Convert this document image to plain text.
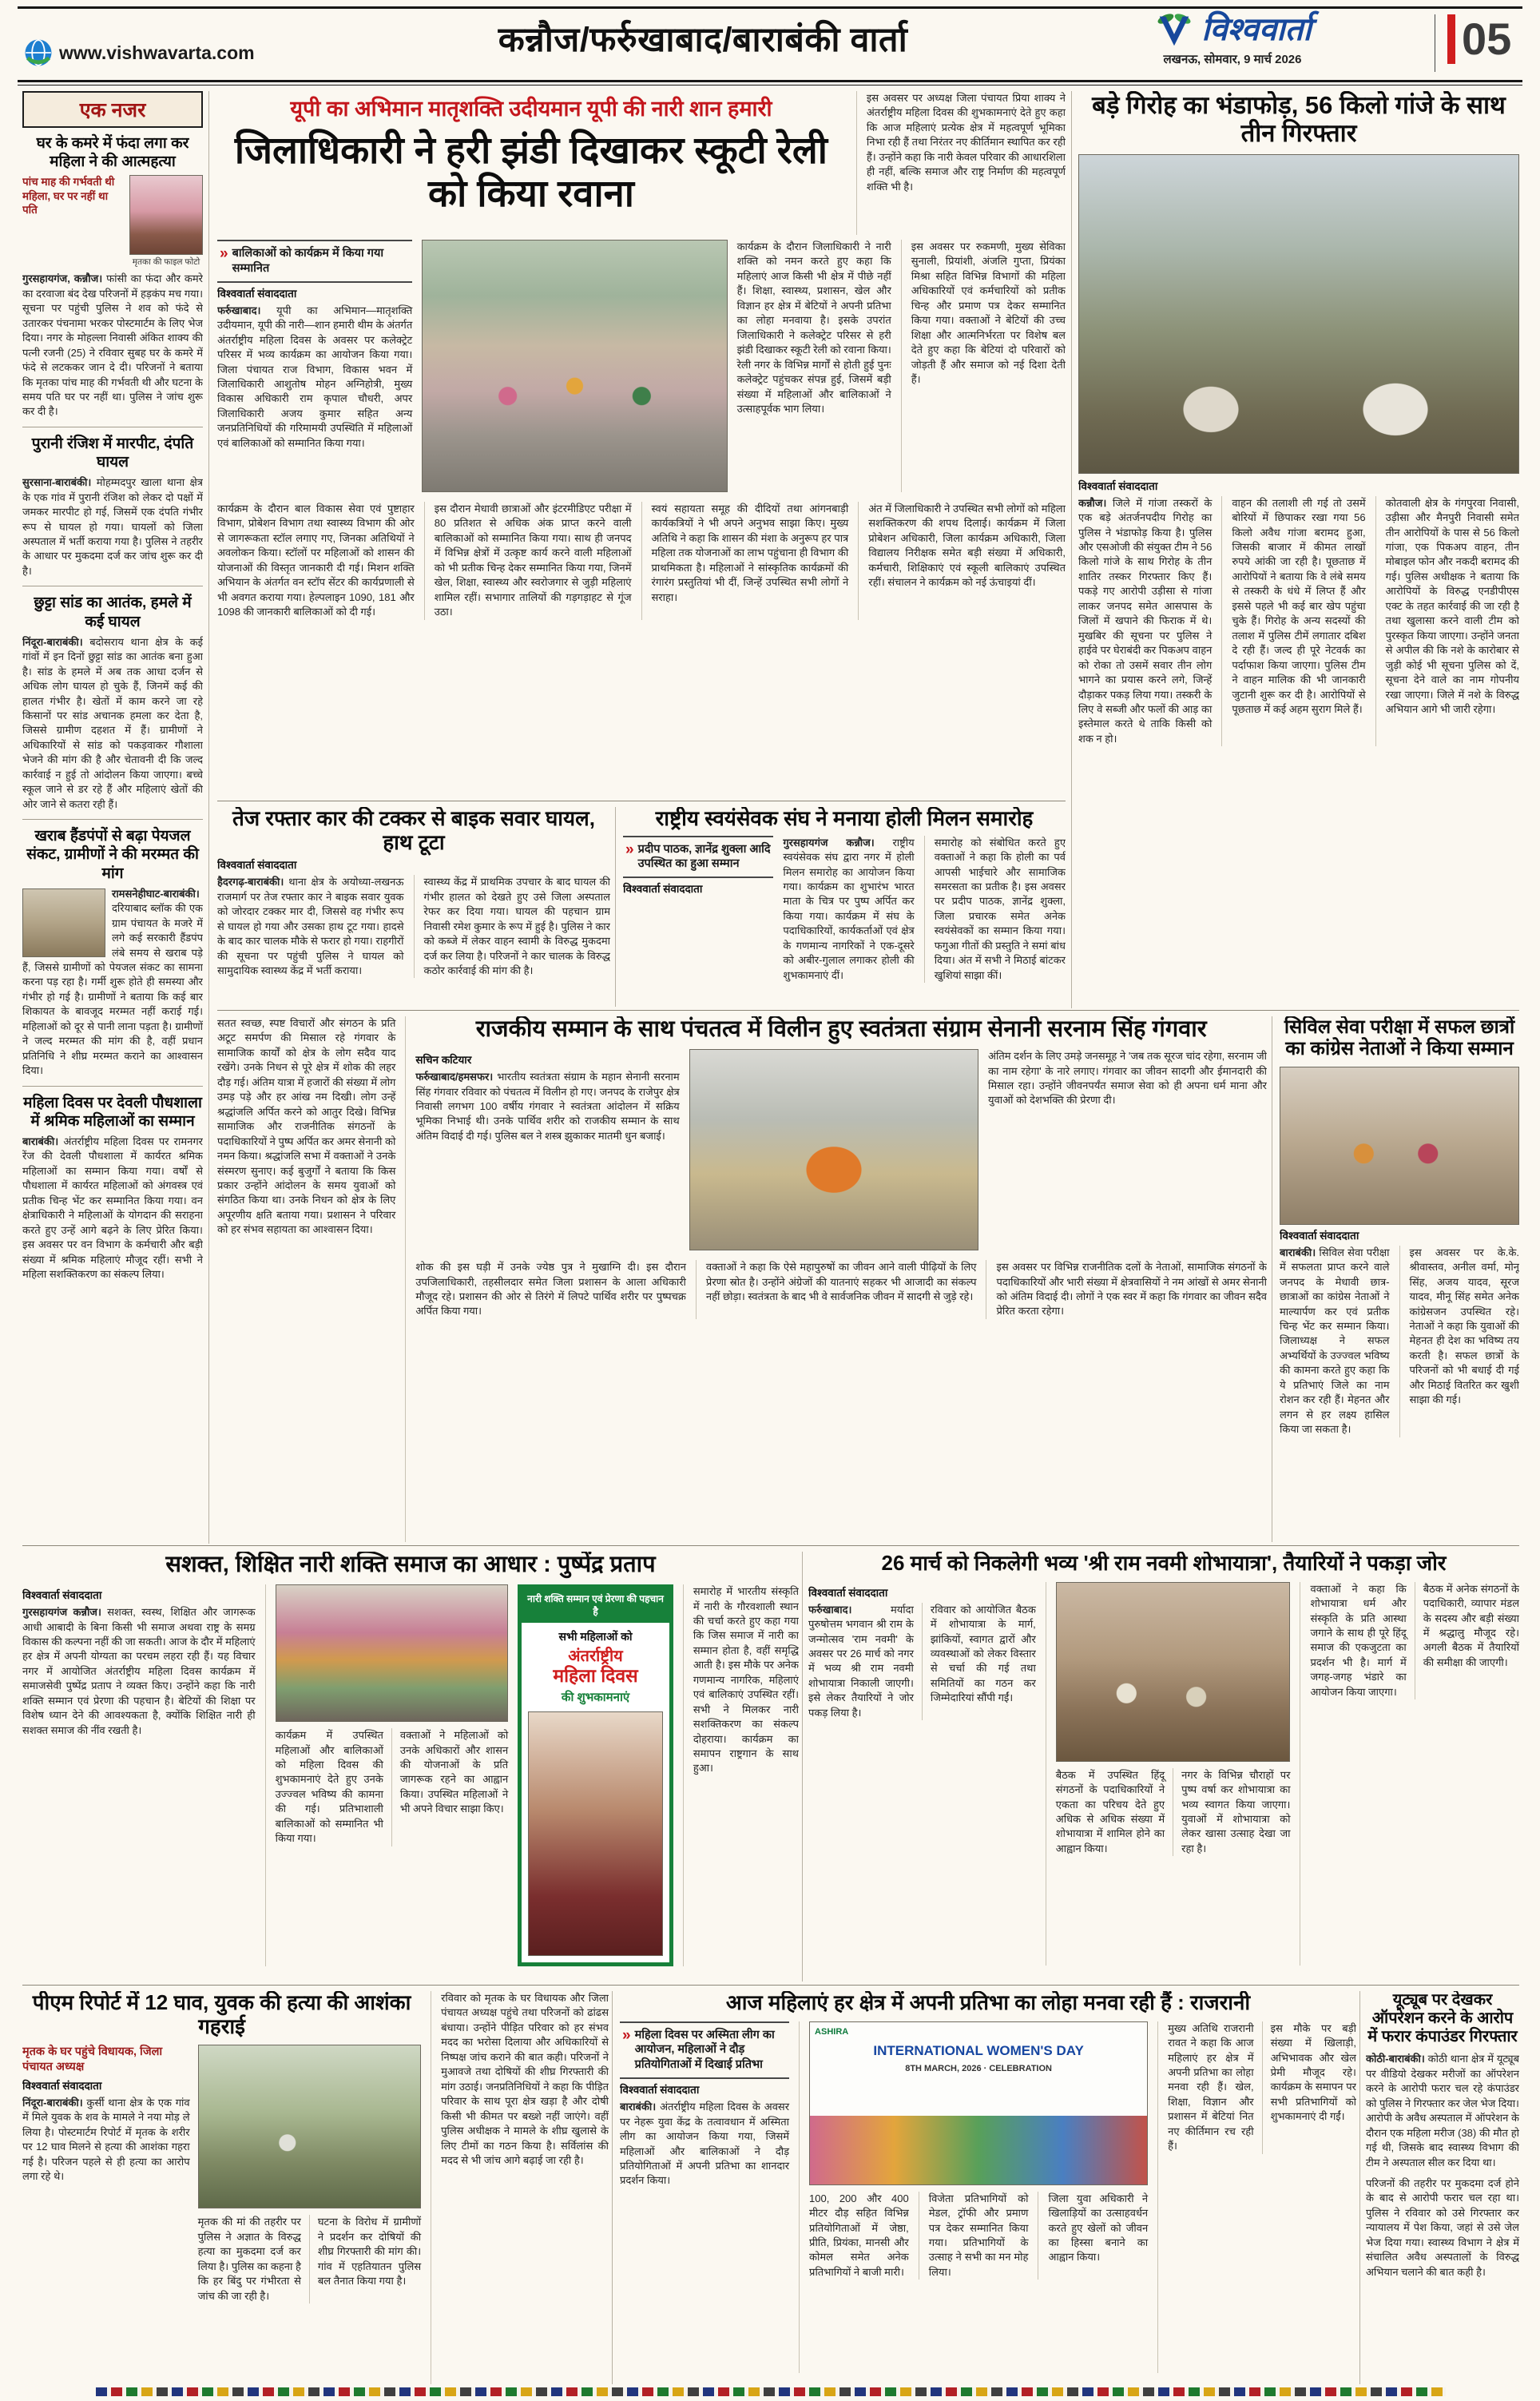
www.vishwavarta.com	कन्नौज/फर्रुखाबाद/बाराबंकी वार्ता	विश्ववार्ता
लखनऊ, सोमवार, 9 मार्च 2026	05
एक नजर
घर के कमरे में फंदा लगा कर महिला ने की आत्महत्या
पांच माह की गर्भवती थी महिला, घर पर नहीं था पति
मृतका की फाइल फोटो

गुरसहायगंज, कन्नौज। फांसी का फंदा और कमरे का दरवाजा बंद देख परिजनों में हड़कंप मच गया। सूचना पर पहुंची पुलिस ने शव को फंदे से उतारकर पंचनामा भरकर पोस्टमार्टम के लिए भेज दिया। नगर के मोहल्ला निवासी अंकित शाक्य की पत्नी रजनी (25) ने रविवार सुबह घर के कमरे में फंदे से लटककर जान दे दी। परिजनों ने बताया कि मृतका पांच माह की गर्भवती थी और घटना के समय पति घर पर नहीं था। पुलिस ने जांच शुरू कर दी है।

पुरानी रंजिश में मारपीट, दंपति घायल

सुरसाना-बाराबंकी। मोहम्मदपुर खाला थाना क्षेत्र के एक गांव में पुरानी रंजिश को लेकर दो पक्षों में जमकर मारपीट हो गई, जिसमें एक दंपति गंभीर रूप से घायल हो गया। घायलों को जिला अस्पताल में भर्ती कराया गया है। पुलिस ने तहरीर के आधार पर मुकदमा दर्ज कर जांच शुरू कर दी है।

छुट्टा सांड का आतंक, हमले में कई घायल

निंदूरा-बाराबंकी। बदोसराय थाना क्षेत्र के कई गांवों में इन दिनों छुट्टा सांड का आतंक बना हुआ है। सांड के हमले में अब तक आधा दर्जन से अधिक लोग घायल हो चुके हैं, जिनमें कई की हालत गंभीर है। खेतों में काम करने जा रहे किसानों पर सांड अचानक हमला कर देता है, जिससे ग्रामीण दहशत में हैं। ग्रामीणों ने अधिकारियों से सांड को पकड़वाकर गौशाला भेजने की मांग की है और चेतावनी दी कि जल्द कार्रवाई न हुई तो आंदोलन किया जाएगा। बच्चे स्कूल जाने से डर रहे हैं और महिलाएं खेतों की ओर जाने से कतरा रही हैं।

खराब हैंडपंपों से बढ़ा पेयजल संकट, ग्रामीणों ने की मरम्मत की मांग

रामसनेहीघाट-बाराबंकी। दरियाबाद ब्लॉक की एक ग्राम पंचायत के मजरे में लगे कई सरकारी हैंडपंप लंबे समय से खराब पड़े हैं, जिससे ग्रामीणों को पेयजल संकट का सामना करना पड़ रहा है। गर्मी शुरू होते ही समस्या और गंभीर हो गई है। ग्रामीणों ने बताया कि कई बार शिकायत के बावजूद मरम्मत नहीं कराई गई। महिलाओं को दूर से पानी लाना पड़ता है। ग्रामीणों ने जल्द मरम्मत की मांग की है, वहीं प्रधान प्रतिनिधि ने शीघ्र मरम्मत कराने का आश्वासन दिया।

महिला दिवस पर देवली पौधशाला में श्रमिक महिलाओं का सम्मान

बाराबंकी। अंतर्राष्ट्रीय महिला दिवस पर रामनगर रेंज की देवली पौधशाला में कार्यरत श्रमिक महिलाओं का सम्मान किया गया। वर्षों से पौधशाला में कार्यरत महिलाओं को अंगवस्त्र एवं प्रतीक चिन्ह भेंट कर सम्मानित किया गया। वन क्षेत्राधिकारी ने महिलाओं के योगदान की सराहना करते हुए उन्हें आगे बढ़ने के लिए प्रेरित किया। इस अवसर पर वन विभाग के कर्मचारी और बड़ी संख्या में श्रमिक महिलाएं मौजूद रहीं। सभी ने महिला सशक्तिकरण का संकल्प लिया।

यूपी का अभिमान मातृशक्ति उदीयमान यूपी की नारी शान हमारी
जिलाधिकारी ने हरी झंडी दिखाकर स्कूटी रेली को किया रवाना

इस अवसर पर अध्यक्ष जिला पंचायत प्रिया शाक्य ने अंतर्राष्ट्रीय महिला दिवस की शुभकामनाएं देते हुए कहा कि आज महिलाएं प्रत्येक क्षेत्र में महत्वपूर्ण भूमिका निभा रही हैं तथा निरंतर नए कीर्तिमान स्थापित कर रही हैं। उन्होंने कहा कि नारी केवल परिवार की आधारशिला ही नहीं, बल्कि समाज और राष्ट्र निर्माण की महत्वपूर्ण शक्ति भी है।

» बालिकाओं को कार्यक्रम में किया गया सम्मानित
विश्ववार्ता संवाददाता

फर्रुखाबाद। यूपी का अभिमान—मातृशक्ति उदीयमान, यूपी की नारी—शान हमारी थीम के अंतर्गत अंतर्राष्ट्रीय महिला दिवस के अवसर पर कलेक्ट्रेट परिसर में भव्य कार्यक्रम का आयोजन किया गया। जिला पंचायत राज विभाग, विकास भवन में जिलाधिकारी आशुतोष मोहन अग्निहोत्री, मुख्य विकास अधिकारी राम कृपाल चौधरी, अपर जिलाधिकारी अजय कुमार सहित अन्य जनप्रतिनिधियों की गरिमामयी उपस्थिति में महिलाओं एवं बालिकाओं को सम्मानित किया गया।

कार्यक्रम के दौरान जिलाधिकारी ने नारी शक्ति को नमन करते हुए कहा कि महिलाएं आज किसी भी क्षेत्र में पीछे नहीं हैं। शिक्षा, स्वास्थ्य, प्रशासन, खेल और विज्ञान हर क्षेत्र में बेटियों ने अपनी प्रतिभा का लोहा मनवाया है। इसके उपरांत जिलाधिकारी ने कलेक्ट्रेट परिसर से हरी झंडी दिखाकर स्कूटी रेली को रवाना किया। रेली नगर के विभिन्न मार्गों से होती हुई पुनः कलेक्ट्रेट पहुंचकर संपन्न हुई, जिसमें बड़ी संख्या में महिलाओं और बालिकाओं ने उत्साहपूर्वक भाग लिया।

इस अवसर पर रुकमणी, मुख्य सेविका सुनाली, प्रियांशी, अंजलि गुप्ता, प्रियंका मिश्रा सहित विभिन्न विभागों की महिला अधिकारियों एवं कर्मचारियों को प्रतीक चिन्ह और प्रमाण पत्र देकर सम्मानित किया गया। वक्ताओं ने बेटियों की उच्च शिक्षा और आत्मनिर्भरता पर विशेष बल देते हुए कहा कि बेटियां दो परिवारों को जोड़ती हैं और समाज को नई दिशा देती हैं।

कार्यक्रम के दौरान बाल विकास सेवा एवं पुष्टाहार विभाग, प्रोबेशन विभाग तथा स्वास्थ्य विभाग की ओर से जागरूकता स्टॉल लगाए गए, जिनका अतिथियों ने अवलोकन किया। स्टॉलों पर महिलाओं को शासन की योजनाओं की विस्तृत जानकारी दी गई। मिशन शक्ति अभियान के अंतर्गत वन स्टॉप सेंटर की कार्यप्रणाली से भी अवगत कराया गया। हेल्पलाइन 1090, 181 और 1098 की जानकारी बालिकाओं को दी गई।

इस दौरान मेधावी छात्राओं और इंटरमीडिएट परीक्षा में 80 प्रतिशत से अधिक अंक प्राप्त करने वाली बालिकाओं को सम्मानित किया गया। साथ ही जनपद में विभिन्न क्षेत्रों में उत्कृष्ट कार्य करने वाली महिलाओं को भी प्रतीक चिन्ह देकर सम्मानित किया गया, जिनमें खेल, शिक्षा, स्वास्थ्य और स्वरोजगार से जुड़ी महिलाएं शामिल रहीं। सभागार तालियों की गड़गड़ाहट से गूंज उठा।

स्वयं सहायता समूह की दीदियों तथा आंगनबाड़ी कार्यकत्रियों ने भी अपने अनुभव साझा किए। मुख्य अतिथि ने कहा कि शासन की मंशा के अनुरूप हर पात्र महिला तक योजनाओं का लाभ पहुंचाना ही विभाग की प्राथमिकता है। महिलाओं ने सांस्कृतिक कार्यक्रमों की रंगारंग प्रस्तुतियां भी दीं, जिन्हें उपस्थित सभी लोगों ने सराहा।

अंत में जिलाधिकारी ने उपस्थित सभी लोगों को महिला सशक्तिकरण की शपथ दिलाई। कार्यक्रम में जिला प्रोबेशन अधिकारी, जिला कार्यक्रम अधिकारी, जिला विद्यालय निरीक्षक समेत बड़ी संख्या में अधिकारी, कर्मचारी, शिक्षिकाएं एवं स्कूली बालिकाएं उपस्थित रहीं। संचालन ने कार्यक्रम को नई ऊंचाइयां दीं।

बड़े गिरोह का भंडाफोड़, 56 किलो गांजे के साथ तीन गिरफ्तार
विश्ववार्ता संवाददाता

कन्नौज। जिले में गांजा तस्करों के एक बड़े अंतर्जनपदीय गिरोह का पुलिस ने भंडाफोड़ किया है। पुलिस और एसओजी की संयुक्त टीम ने 56 किलो गांजे के साथ गिरोह के तीन शातिर तस्कर गिरफ्तार किए हैं। पकड़े गए आरोपी उड़ीसा से गांजा लाकर जनपद समेत आसपास के जिलों में खपाने की फिराक में थे। मुखबिर की सूचना पर पुलिस ने हाईवे पर घेराबंदी कर पिकअप वाहन को रोका तो उसमें सवार तीन लोग भागने का प्रयास करने लगे, जिन्हें दौड़ाकर पकड़ लिया गया। तस्करी के लिए वे सब्जी और फलों की आड़ का इस्तेमाल करते थे ताकि किसी को शक न हो।

वाहन की तलाशी ली गई तो उसमें बोरियों में छिपाकर रखा गया 56 किलो अवैध गांजा बरामद हुआ, जिसकी बाजार में कीमत लाखों रुपये आंकी जा रही है। पूछताछ में आरोपियों ने बताया कि वे लंबे समय से तस्करी के धंधे में लिप्त हैं और इससे पहले भी कई बार खेप पहुंचा चुके हैं। गिरोह के अन्य सदस्यों की तलाश में पुलिस टीमें लगातार दबिश दे रही हैं। जल्द ही पूरे नेटवर्क का पर्दाफाश किया जाएगा। पुलिस टीम ने वाहन मालिक की भी जानकारी जुटानी शुरू कर दी है। आरोपियों से पूछताछ में कई अहम सुराग मिले हैं।

कोतवाली क्षेत्र के गंगपुरवा निवासी, उड़ीसा और मैनपुरी निवासी समेत तीन आरोपियों के पास से 56 किलो गांजा, एक पिकअप वाहन, तीन मोबाइल फोन और नकदी बरामद की गई। पुलिस अधीक्षक ने बताया कि आरोपियों के विरुद्ध एनडीपीएस एक्ट के तहत कार्रवाई की जा रही है तथा खुलासा करने वाली टीम को पुरस्कृत किया जाएगा। उन्होंने जनता से अपील की कि नशे के कारोबार से जुड़ी कोई भी सूचना पुलिस को दें, सूचना देने वाले का नाम गोपनीय रखा जाएगा। जिले में नशे के विरुद्ध अभियान आगे भी जारी रहेगा।

तेज रफ्तार कार की टक्कर से बाइक सवार घायल, हाथ टूटा
विश्ववार्ता संवाददाता

हैदरगढ़-बाराबंकी। थाना क्षेत्र के अयोध्या-लखनऊ राजमार्ग पर तेज रफ्तार कार ने बाइक सवार युवक को जोरदार टक्कर मार दी, जिससे वह गंभीर रूप से घायल हो गया और उसका हाथ टूट गया। हादसे के बाद कार चालक मौके से फरार हो गया। राहगीरों की सूचना पर पहुंची पुलिस ने घायल को सामुदायिक स्वास्थ्य केंद्र में भर्ती कराया।

स्वास्थ्य केंद्र में प्राथमिक उपचार के बाद घायल की गंभीर हालत को देखते हुए उसे जिला अस्पताल रेफर कर दिया गया। घायल की पहचान ग्राम निवासी रमेश कुमार के रूप में हुई है। पुलिस ने कार को कब्जे में लेकर वाहन स्वामी के विरुद्ध मुकदमा दर्ज कर लिया है। परिजनों ने कार चालक के विरुद्ध कठोर कार्रवाई की मांग की है।

राष्ट्रीय स्वयंसेवक संघ ने मनाया होली मिलन समारोह
» प्रदीप पाठक, ज्ञानेंद्र शुक्ला आदि उपस्थित का हुआ सम्मान
विश्ववार्ता संवाददाता

गुरसहायगंज कन्नौज। राष्ट्रीय स्वयंसेवक संघ द्वारा नगर में होली मिलन समारोह का आयोजन किया गया। कार्यक्रम का शुभारंभ भारत माता के चित्र पर पुष्प अर्पित कर किया गया। कार्यक्रम में संघ के पदाधिकारियों, कार्यकर्ताओं एवं क्षेत्र के गणमान्य नागरिकों ने एक-दूसरे को अबीर-गुलाल लगाकर होली की शुभकामनाएं दीं।

समारोह को संबोधित करते हुए वक्ताओं ने कहा कि होली का पर्व आपसी भाईचारे और सामाजिक समरसता का प्रतीक है। इस अवसर पर प्रदीप पाठक, ज्ञानेंद्र शुक्ला, जिला प्रचारक समेत अनेक स्वयंसेवकों का सम्मान किया गया। फगुआ गीतों की प्रस्तुति ने समां बांध दिया। अंत में सभी ने मिठाई बांटकर खुशियां साझा कीं।

सतत स्वच्छ, स्पष्ट विचारों और संगठन के प्रति अटूट समर्पण की मिसाल रहे गंगवार के सामाजिक कार्यों को क्षेत्र के लोग सदैव याद रखेंगे। उनके निधन से पूरे क्षेत्र में शोक की लहर दौड़ गई। अंतिम यात्रा में हजारों की संख्या में लोग उमड़ पड़े और हर आंख नम दिखी। लोग उन्हें श्रद्धांजलि अर्पित करने को आतुर दिखे। विभिन्न सामाजिक और राजनीतिक संगठनों के पदाधिकारियों ने पुष्प अर्पित कर अमर सेनानी को नमन किया। श्रद्धांजलि सभा में वक्ताओं ने उनके संस्मरण सुनाए। कई बुजुर्गों ने बताया कि किस प्रकार उन्होंने आंदोलन के समय युवाओं को संगठित किया था। उनके निधन को क्षेत्र के लिए अपूरणीय क्षति बताया गया। प्रशासन ने परिवार को हर संभव सहायता का आश्वासन दिया।

राजकीय सम्मान के साथ पंचतत्व में विलीन हुए स्वतंत्रता संग्राम सेनानी सरनाम सिंह गंगवार
सचिन कटियार

फर्रुखाबाद/हमसफर। भारतीय स्वतंत्रता संग्राम के महान सेनानी सरनाम सिंह गंगवार रविवार को पंचतत्व में विलीन हो गए। जनपद के राजेपुर क्षेत्र निवासी लगभग 100 वर्षीय गंगवार ने स्वतंत्रता आंदोलन में सक्रिय भूमिका निभाई थी। उनके पार्थिव शरीर को राजकीय सम्मान के साथ अंतिम विदाई दी गई। पुलिस बल ने शस्त्र झुकाकर मातमी धुन बजाई।

अंतिम दर्शन के लिए उमड़े जनसमूह ने 'जब तक सूरज चांद रहेगा, सरनाम जी का नाम रहेगा' के नारे लगाए। गंगवार का जीवन सादगी और ईमानदारी की मिसाल रहा। उन्होंने जीवनपर्यंत समाज सेवा को ही अपना धर्म माना और युवाओं को देशभक्ति की प्रेरणा दी।

शोक की इस घड़ी में उनके ज्येष्ठ पुत्र ने मुखाग्नि दी। इस दौरान उपजिलाधिकारी, तहसीलदार समेत जिला प्रशासन के आला अधिकारी मौजूद रहे। प्रशासन की ओर से तिरंगे में लिपटे पार्थिव शरीर पर पुष्पचक्र अर्पित किया गया।

वक्ताओं ने कहा कि ऐसे महापुरुषों का जीवन आने वाली पीढ़ियों के लिए प्रेरणा स्रोत है। उन्होंने अंग्रेजों की यातनाएं सहकर भी आजादी का संकल्प नहीं छोड़ा। स्वतंत्रता के बाद भी वे सार्वजनिक जीवन में सादगी से जुड़े रहे।

इस अवसर पर विभिन्न राजनीतिक दलों के नेताओं, सामाजिक संगठनों के पदाधिकारियों और भारी संख्या में क्षेत्रवासियों ने नम आंखों से अमर सेनानी को अंतिम विदाई दी। लोगों ने एक स्वर में कहा कि गंगवार का जीवन सदैव प्रेरित करता रहेगा।

सिविल सेवा परीक्षा में सफल छात्रों का कांग्रेस नेताओं ने किया सम्मान
विश्ववार्ता संवाददाता

बाराबंकी। सिविल सेवा परीक्षा में सफलता प्राप्त करने वाले जनपद के मेधावी छात्र-छात्राओं का कांग्रेस नेताओं ने माल्यार्पण कर एवं प्रतीक चिन्ह भेंट कर सम्मान किया। जिलाध्यक्ष ने सफल अभ्यर्थियों के उज्ज्वल भविष्य की कामना करते हुए कहा कि ये प्रतिभाएं जिले का नाम रोशन कर रही हैं। मेहनत और लगन से हर लक्ष्य हासिल किया जा सकता है।

इस अवसर पर के.के. श्रीवास्तव, अनील वर्मा, मोनू सिंह, अजय यादव, सूरज यादव, मीनू सिंह समेत अनेक कांग्रेसजन उपस्थित रहे। नेताओं ने कहा कि युवाओं की मेहनत ही देश का भविष्य तय करती है। सफल छात्रों के परिजनों को भी बधाई दी गई और मिठाई वितरित कर खुशी साझा की गई।

सशक्त, शिक्षित नारी शक्ति समाज का आधार : पुष्पेंद्र प्रताप
विश्ववार्ता संवाददाता

गुरसहायगंज कन्नौज। सशक्त, स्वस्थ, शिक्षित और जागरूक आधी आबादी के बिना किसी भी समाज अथवा राष्ट्र के समग्र विकास की कल्पना नहीं की जा सकती। आज के दौर में महिलाएं हर क्षेत्र में अपनी योग्यता का परचम लहरा रही हैं। यह विचार नगर में आयोजित अंतर्राष्ट्रीय महिला दिवस कार्यक्रम में समाजसेवी पुष्पेंद्र प्रताप ने व्यक्त किए। उन्होंने कहा कि नारी शक्ति सम्मान एवं प्रेरणा की पहचान है। बेटियों की शिक्षा पर विशेष ध्यान देने की आवश्यकता है, क्योंकि शिक्षित नारी ही सशक्त समाज की नींव रखती है।	कार्यक्रम में उपस्थित महिलाओं और बालिकाओं को महिला दिवस की शुभकामनाएं देते हुए उनके उज्ज्वल भविष्य की कामना की गई। प्रतिभाशाली बालिकाओं को सम्मानित भी किया गया।

वक्ताओं ने महिलाओं को उनके अधिकारों और शासन की योजनाओं के प्रति जागरूक रहने का आह्वान किया। उपस्थित महिलाओं ने भी अपने विचार साझा किए।

नारी शक्ति सम्मान एवं प्रेरणा की पहचान है
सभी महिलाओं को
अंतर्राष्ट्रीय
महिला दिवस
की शुभकामनाएं

समारोह में भारतीय संस्कृति में नारी के गौरवशाली स्थान की चर्चा करते हुए कहा गया कि जिस समाज में नारी का सम्मान होता है, वहीं समृद्धि आती है। इस मौके पर अनेक गणमान्य नागरिक, महिलाएं एवं बालिकाएं उपस्थित रहीं। सभी ने मिलकर नारी सशक्तिकरण का संकल्प दोहराया। कार्यक्रम का समापन राष्ट्रगान के साथ हुआ।

26 मार्च को निकलेगी भव्य 'श्री राम नवमी शोभायात्रा', तैयारियों ने पकड़ा जोर
विश्ववार्ता संवाददाता

फर्रुखाबाद।	मर्यादा पुरुषोत्तम भगवान श्री राम के जन्मोत्सव 'राम नवमी' के अवसर पर 26 मार्च को नगर में भव्य श्री राम नवमी शोभायात्रा निकाली जाएगी। इसे लेकर तैयारियों ने जोर पकड़ लिया है।

रविवार को आयोजित बैठक में शोभायात्रा के मार्ग, झांकियों, स्वागत द्वारों और व्यवस्थाओं को लेकर विस्तार से चर्चा की गई तथा समितियों का गठन कर जिम्मेदारियां सौंपी गईं।

बैठक में उपस्थित हिंदू संगठनों के पदाधिकारियों ने एकता का परिचय देते हुए अधिक से अधिक संख्या में शोभायात्रा में शामिल होने का आह्वान किया।

नगर के विभिन्न चौराहों पर पुष्प वर्षा कर शोभायात्रा का भव्य स्वागत किया जाएगा। युवाओं में शोभायात्रा को लेकर खासा उत्साह देखा जा रहा है।

वक्ताओं ने कहा कि शोभायात्रा धर्म और संस्कृति के प्रति आस्था जगाने के साथ ही पूरे हिंदू समाज की एकजुटता का प्रदर्शन भी है। मार्ग में जगह-जगह भंडारे का आयोजन किया जाएगा।

बैठक में अनेक संगठनों के पदाधिकारी, व्यापार मंडल के सदस्य और बड़ी संख्या में श्रद्धालु मौजूद रहे। अगली बैठक में तैयारियों की समीक्षा की जाएगी।

पीएम रिपोर्ट में 12 घाव, युवक की हत्या की आशंका गहराई
मृतक के घर पहुंचे विधायक, जिला पंचायत अध्यक्ष
विश्ववार्ता संवाददाता

निंदूरा-बाराबंकी। कुर्सी थाना क्षेत्र के एक गांव में मिले युवक के शव के मामले ने नया मोड़ ले लिया है। पोस्टमार्टम रिपोर्ट में मृतक के शरीर पर 12 घाव मिलने से हत्या की आशंका गहरा गई है। परिजन पहले से ही हत्या का आरोप लगा रहे थे।

मृतक की मां की तहरीर पर पुलिस ने अज्ञात के विरुद्ध हत्या का मुकदमा दर्ज कर लिया है। पुलिस का कहना है कि हर बिंदु पर गंभीरता से जांच की जा रही है।

घटना के विरोध में ग्रामीणों ने प्रदर्शन कर दोषियों की शीघ्र गिरफ्तारी की मांग की। गांव में एहतियातन पुलिस बल तैनात किया गया है।

रविवार को मृतक के घर विधायक और जिला पंचायत अध्यक्ष पहुंचे तथा परिजनों को ढांढस बंधाया। उन्होंने पीड़ित परिवार को हर संभव मदद का भरोसा दिलाया और अधिकारियों से निष्पक्ष जांच कराने की बात कही। परिजनों ने मुआवजे तथा दोषियों की शीघ्र गिरफ्तारी की मांग उठाई। जनप्रतिनिधियों ने कहा कि पीड़ित परिवार के साथ पूरा क्षेत्र खड़ा है और दोषी किसी भी कीमत पर बख्शे नहीं जाएंगे। वहीं पुलिस अधीक्षक ने मामले के शीघ्र खुलासे के लिए टीमों का गठन किया है। सर्विलांस की मदद से भी जांच आगे बढ़ाई जा रही है।

आज महिलाएं हर क्षेत्र में अपनी प्रतिभा का लोहा मनवा रही हैं : राजरानी
» महिला दिवस पर अस्मिता लीग का आयोजन, महिलाओं ने दौड़ प्रतियोगिताओं में दिखाई प्रतिभा
विश्ववार्ता संवाददाता

बाराबंकी। अंतर्राष्ट्रीय महिला दिवस के अवसर पर नेहरू युवा केंद्र के तत्वावधान में अस्मिता लीग का आयोजन किया गया, जिसमें महिलाओं और बालिकाओं ने दौड़ प्रतियोगिताओं में अपनी प्रतिभा का शानदार प्रदर्शन किया।

ASHIRA
INTERNATIONAL WOMEN'S DAY
8TH MARCH, 2026 · CELEBRATION

100, 200 और 400 मीटर दौड़ सहित विभिन्न प्रतियोगिताओं में जेष्ठा, प्रीति, प्रियंका, मानसी और कोमल समेत अनेक प्रतिभागियों ने बाजी मारी।

विजेता प्रतिभागियों को मेडल, ट्रॉफी और प्रमाण पत्र देकर सम्मानित किया गया। प्रतिभागियों के उत्साह ने सभी का मन मोह लिया।

जिला युवा अधिकारी ने खिलाड़ियों का उत्साहवर्धन करते हुए खेलों को जीवन का हिस्सा बनाने का आह्वान किया।

मुख्य अतिथि राजरानी रावत ने कहा कि आज महिलाएं हर क्षेत्र में अपनी प्रतिभा का लोहा मनवा रही हैं। खेल, शिक्षा, विज्ञान और प्रशासन में बेटियां नित नए कीर्तिमान रच रही हैं।

इस मौके पर बड़ी संख्या में खिलाड़ी, अभिभावक और खेल प्रेमी मौजूद रहे। कार्यक्रम के समापन पर सभी प्रतिभागियों को शुभकामनाएं दी गईं।

यूट्यूब पर देखकर ऑपरेशन करने के आरोप में फरार कंपाउंडर गिरफ्तार

कोठी-बाराबंकी। कोठी थाना क्षेत्र में यूट्यूब पर वीडियो देखकर मरीजों का ऑपरेशन करने के आरोपी फरार चल रहे कंपाउंडर को पुलिस ने गिरफ्तार कर जेल भेज दिया। आरोपी के अवैध अस्पताल में ऑपरेशन के दौरान एक महिला मरीज (38) की मौत हो गई थी, जिसके बाद स्वास्थ्य विभाग की टीम ने अस्पताल सील कर दिया था।

परिजनों की तहरीर पर मुकदमा दर्ज होने के बाद से आरोपी फरार चल रहा था। पुलिस ने रविवार को उसे गिरफ्तार कर न्यायालय में पेश किया, जहां से उसे जेल भेज दिया गया। स्वास्थ्य विभाग ने क्षेत्र में संचालित अवैध अस्पतालों के विरुद्ध अभियान चलाने की बात कही है।
